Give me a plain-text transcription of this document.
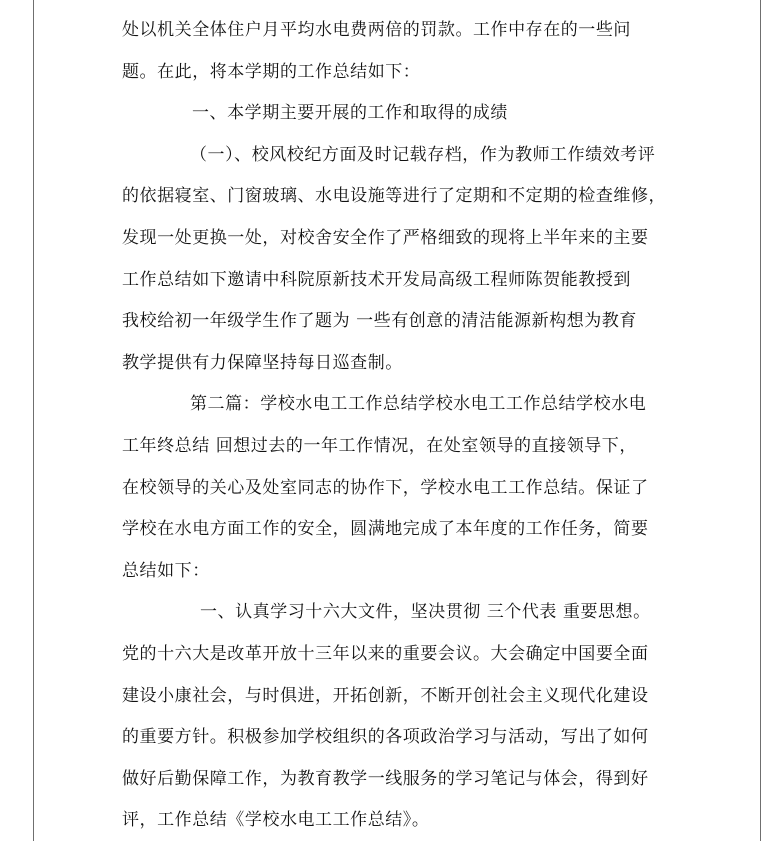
处以机关全体住户月平均水电费两倍的罚款。工作中存在的一些问
题。在此，将本学期的工作总结如下：
一、本学期主要开展的工作和取得的成绩
（一）、校风校纪方面及时记载存档，作为教师工作绩效考评
的依据寝室、门窗玻璃、水电设施等进行了定期和不定期的检查维修，
发现一处更换一处，对校舍安全作了严格细致的现将上半年来的主要
工作总结如下邀请中科院原新技术开发局高级工程师陈贺能教授到
我校给初一年级学生作了题为 一些有创意的清洁能源新构想为教育
教学提供有力保障坚持每日巡查制。
第二篇：学校水电工工作总结学校水电工工作总结学校水电
工年终总结 回想过去的一年工作情况，在处室领导的直接领导下，
在校领导的关心及处室同志的协作下，学校水电工工作总结。保证了
学校在水电方面工作的安全，圆满地完成了本年度的工作任务，简要
总结如下：
一、认真学习十六大文件，坚决贯彻 三个代表 重要思想。
党的十六大是改革开放十三年以来的重要会议。大会确定中国要全面
建设小康社会，与时俱进，开拓创新，不断开创社会主义现代化建设
的重要方针。积极参加学校组织的各项政治学习与活动，写出了如何
做好后勤保障工作，为教育教学一线服务的学习笔记与体会，得到好
评，工作总结《学校水电工工作总结》。
